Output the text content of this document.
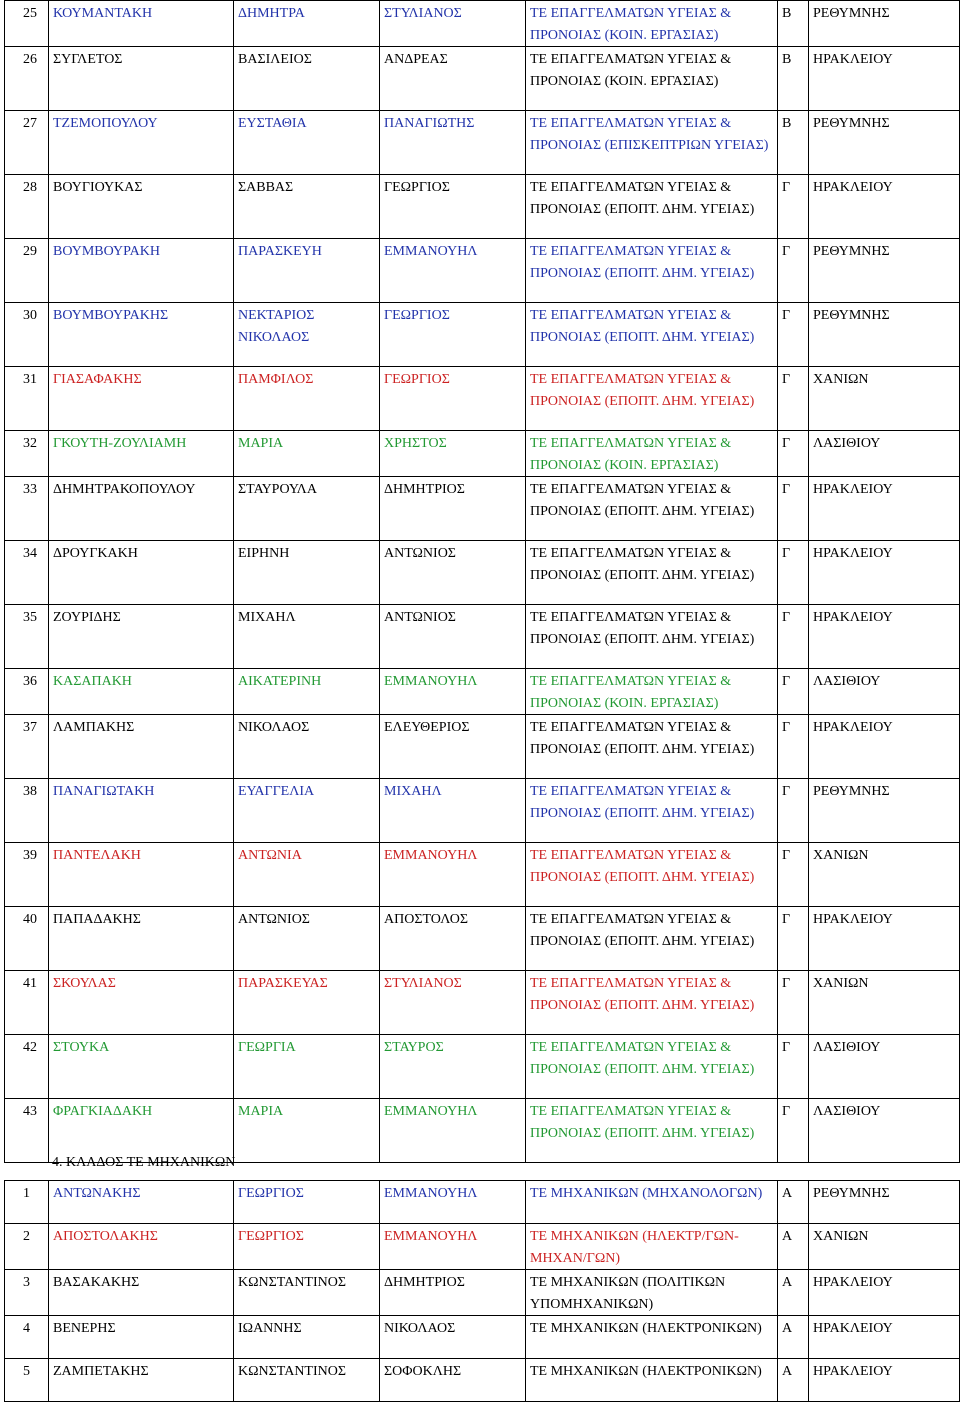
25	ΚΟΥΜΑΝΤΑΚΗ	ΔΗΜΗΤΡΑ	ΣΤΥΛΙΑΝΟΣ	ΤΕ ΕΠΑΓΓΕΛΜΑΤΩΝ ΥΓΕΙΑΣ & ΠΡΟΝΟΙΑΣ (ΚΟΙΝ. ΕΡΓΑΣΙΑΣ)	Β	ΡΕΘΥΜΝΗΣ
26	ΣΥΓΛΕΤΟΣ	ΒΑΣΙΛΕΙΟΣ	ΑΝΔΡΕΑΣ	ΤΕ ΕΠΑΓΓΕΛΜΑΤΩΝ ΥΓΕΙΑΣ & ΠΡΟΝΟΙΑΣ (ΚΟΙΝ. ΕΡΓΑΣΙΑΣ)	Β	ΗΡΑΚΛΕΙΟΥ
27	ΤΖΕΜΟΠΟΥΛΟΥ	ΕΥΣΤΑΘΙΑ	ΠΑΝΑΓΙΩΤΗΣ	ΤΕ ΕΠΑΓΓΕΛΜΑΤΩΝ ΥΓΕΙΑΣ & ΠΡΟΝΟΙΑΣ (ΕΠΙΣΚΕΠΤΡΙΩΝ ΥΓΕΙΑΣ)	Β	ΡΕΘΥΜΝΗΣ
28	ΒΟΥΓΙΟΥΚΑΣ	ΣΑΒΒΑΣ	ΓΕΩΡΓΙΟΣ	ΤΕ ΕΠΑΓΓΕΛΜΑΤΩΝ ΥΓΕΙΑΣ & ΠΡΟΝΟΙΑΣ (ΕΠΟΠΤ. ΔΗΜ. ΥΓΕΙΑΣ)	Γ	ΗΡΑΚΛΕΙΟΥ
29	ΒΟΥΜΒΟΥΡΑΚΗ	ΠΑΡΑΣΚΕΥΗ	ΕΜΜΑΝΟΥΗΛ	ΤΕ ΕΠΑΓΓΕΛΜΑΤΩΝ ΥΓΕΙΑΣ & ΠΡΟΝΟΙΑΣ (ΕΠΟΠΤ. ΔΗΜ. ΥΓΕΙΑΣ)	Γ	ΡΕΘΥΜΝΗΣ
30	ΒΟΥΜΒΟΥΡΑΚΗΣ	ΝΕΚΤΑΡΙΟΣ ΝΙΚΟΛΑΟΣ	ΓΕΩΡΓΙΟΣ	ΤΕ ΕΠΑΓΓΕΛΜΑΤΩΝ ΥΓΕΙΑΣ & ΠΡΟΝΟΙΑΣ (ΕΠΟΠΤ. ΔΗΜ. ΥΓΕΙΑΣ)	Γ	ΡΕΘΥΜΝΗΣ
31	ΓΙΑΣΑΦΑΚΗΣ	ΠΑΜΦΙΛΟΣ	ΓΕΩΡΓΙΟΣ	ΤΕ ΕΠΑΓΓΕΛΜΑΤΩΝ ΥΓΕΙΑΣ & ΠΡΟΝΟΙΑΣ (ΕΠΟΠΤ. ΔΗΜ. ΥΓΕΙΑΣ)	Γ	ΧΑΝΙΩΝ
32	ΓΚΟΥΤΗ-ΖΟΥΛΙΑΜΗ	ΜΑΡΙΑ	ΧΡΗΣΤΟΣ	ΤΕ ΕΠΑΓΓΕΛΜΑΤΩΝ ΥΓΕΙΑΣ & ΠΡΟΝΟΙΑΣ (ΚΟΙΝ. ΕΡΓΑΣΙΑΣ)	Γ	ΛΑΣΙΘΙΟΥ
33	ΔΗΜΗΤΡΑΚΟΠΟΥΛΟΥ	ΣΤΑΥΡΟΥΛΑ	ΔΗΜΗΤΡΙΟΣ	ΤΕ ΕΠΑΓΓΕΛΜΑΤΩΝ ΥΓΕΙΑΣ & ΠΡΟΝΟΙΑΣ (ΕΠΟΠΤ. ΔΗΜ. ΥΓΕΙΑΣ)	Γ	ΗΡΑΚΛΕΙΟΥ
34	ΔΡΟΥΓΚΑΚΗ	ΕΙΡΗΝΗ	ΑΝΤΩΝΙΟΣ	ΤΕ ΕΠΑΓΓΕΛΜΑΤΩΝ ΥΓΕΙΑΣ & ΠΡΟΝΟΙΑΣ (ΕΠΟΠΤ. ΔΗΜ. ΥΓΕΙΑΣ)	Γ	ΗΡΑΚΛΕΙΟΥ
35	ΖΟΥΡΙΔΗΣ	ΜΙΧΑΗΛ	ΑΝΤΩΝΙΟΣ	ΤΕ ΕΠΑΓΓΕΛΜΑΤΩΝ ΥΓΕΙΑΣ & ΠΡΟΝΟΙΑΣ (ΕΠΟΠΤ. ΔΗΜ. ΥΓΕΙΑΣ)	Γ	ΗΡΑΚΛΕΙΟΥ
36	ΚΑΣΑΠΑΚΗ	ΑΙΚΑΤΕΡΙΝΗ	ΕΜΜΑΝΟΥΗΛ	ΤΕ ΕΠΑΓΓΕΛΜΑΤΩΝ ΥΓΕΙΑΣ & ΠΡΟΝΟΙΑΣ (ΚΟΙΝ. ΕΡΓΑΣΙΑΣ)	Γ	ΛΑΣΙΘΙΟΥ
37	ΛΑΜΠΑΚΗΣ	ΝΙΚΟΛΑΟΣ	ΕΛΕΥΘΕΡΙΟΣ	ΤΕ ΕΠΑΓΓΕΛΜΑΤΩΝ ΥΓΕΙΑΣ & ΠΡΟΝΟΙΑΣ (ΕΠΟΠΤ. ΔΗΜ. ΥΓΕΙΑΣ)	Γ	ΗΡΑΚΛΕΙΟΥ
38	ΠΑΝΑΓΙΩΤΑΚΗ	ΕΥΑΓΓΕΛΙΑ	ΜΙΧΑΗΛ	ΤΕ ΕΠΑΓΓΕΛΜΑΤΩΝ ΥΓΕΙΑΣ & ΠΡΟΝΟΙΑΣ (ΕΠΟΠΤ. ΔΗΜ. ΥΓΕΙΑΣ)	Γ	ΡΕΘΥΜΝΗΣ
39	ΠΑΝΤΕΛΑΚΗ	ΑΝΤΩΝΙΑ	ΕΜΜΑΝΟΥΗΛ	ΤΕ ΕΠΑΓΓΕΛΜΑΤΩΝ ΥΓΕΙΑΣ & ΠΡΟΝΟΙΑΣ (ΕΠΟΠΤ. ΔΗΜ. ΥΓΕΙΑΣ)	Γ	ΧΑΝΙΩΝ
40	ΠΑΠΑΔΑΚΗΣ	ΑΝΤΩΝΙΟΣ	ΑΠΟΣΤΟΛΟΣ	ΤΕ ΕΠΑΓΓΕΛΜΑΤΩΝ ΥΓΕΙΑΣ & ΠΡΟΝΟΙΑΣ (ΕΠΟΠΤ. ΔΗΜ. ΥΓΕΙΑΣ)	Γ	ΗΡΑΚΛΕΙΟΥ
41	ΣΚΟΥΛΑΣ	ΠΑΡΑΣΚΕΥΑΣ	ΣΤΥΛΙΑΝΟΣ	ΤΕ ΕΠΑΓΓΕΛΜΑΤΩΝ ΥΓΕΙΑΣ & ΠΡΟΝΟΙΑΣ (ΕΠΟΠΤ. ΔΗΜ. ΥΓΕΙΑΣ)	Γ	ΧΑΝΙΩΝ
42	ΣΤΟΥΚΑ	ΓΕΩΡΓΙΑ	ΣΤΑΥΡΟΣ	ΤΕ ΕΠΑΓΓΕΛΜΑΤΩΝ ΥΓΕΙΑΣ & ΠΡΟΝΟΙΑΣ (ΕΠΟΠΤ. ΔΗΜ. ΥΓΕΙΑΣ)	Γ	ΛΑΣΙΘΙΟΥ
43	ΦΡΑΓΚΙΑΔΑΚΗ	ΜΑΡΙΑ	ΕΜΜΑΝΟΥΗΛ	ΤΕ ΕΠΑΓΓΕΛΜΑΤΩΝ ΥΓΕΙΑΣ & ΠΡΟΝΟΙΑΣ (ΕΠΟΠΤ. ΔΗΜ. ΥΓΕΙΑΣ)	Γ	ΛΑΣΙΘΙΟΥ
4. ΚΛΑΔΟΣ ΤΕ ΜΗΧΑΝΙΚΩΝ
1	ΑΝΤΩΝΑΚΗΣ	ΓΕΩΡΓΙΟΣ	ΕΜΜΑΝΟΥΗΛ	ΤΕ ΜΗΧΑΝΙΚΩΝ (ΜΗΧΑΝΟΛΟΓΩΝ)	Α	ΡΕΘΥΜΝΗΣ
2	ΑΠΟΣΤΟΛΑΚΗΣ	ΓΕΩΡΓΙΟΣ	ΕΜΜΑΝΟΥΗΛ	ΤΕ ΜΗΧΑΝΙΚΩΝ (ΗΛΕΚΤΡ/ΓΩΝ-ΜΗΧΑΝ/ΓΩΝ)	Α	ΧΑΝΙΩΝ
3	ΒΑΣΑΚΑΚΗΣ	ΚΩΝΣΤΑΝΤΙΝΟΣ	ΔΗΜΗΤΡΙΟΣ	ΤΕ ΜΗΧΑΝΙΚΩΝ (ΠΟΛΙΤΙΚΩΝ ΥΠΟΜΗΧΑΝΙΚΩΝ)	Α	ΗΡΑΚΛΕΙΟΥ
4	ΒΕΝΕΡΗΣ	ΙΩΑΝΝΗΣ	ΝΙΚΟΛΑΟΣ	ΤΕ ΜΗΧΑΝΙΚΩΝ (ΗΛΕΚΤΡΟΝΙΚΩΝ)	Α	ΗΡΑΚΛΕΙΟΥ
5	ΖΑΜΠΕΤΑΚΗΣ	ΚΩΝΣΤΑΝΤΙΝΟΣ	ΣΟΦΟΚΛΗΣ	ΤΕ ΜΗΧΑΝΙΚΩΝ (ΗΛΕΚΤΡΟΝΙΚΩΝ)	Α	ΗΡΑΚΛΕΙΟΥ
